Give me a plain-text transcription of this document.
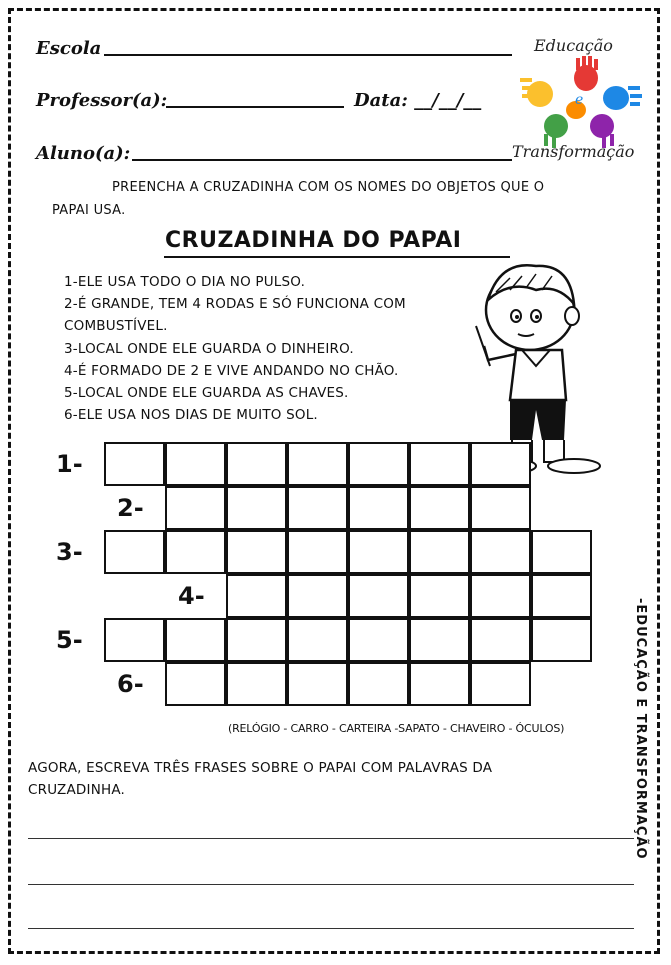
Escola
Professor(a):	Data: __/__/__
Aluno(a):
Educação
e
Transformação
PREENCHA A CRUZADINHA COM OS NOMES DO OBJETOS QUE O
PAPAI USA.
CRUZADINHA DO PAPAI
1-ELE USA TODO O DIA NO PULSO.
2-É GRANDE, TEM 4 RODAS E SÓ FUNCIONA COM
COMBUSTÍVEL.
3-LOCAL ONDE ELE GUARDA O DINHEIRO.
4-É FORMADO DE 2 E VIVE ANDANDO NO CHÃO.
5-LOCAL ONDE ELE GUARDA AS CHAVES.
6-ELE USA NOS DIAS DE MUITO SOL.
1-
2-
3-
4-
5-
6-
(RELÓGIO - CARRO - CARTEIRA -SAPATO - CHAVEIRO - ÓCULOS)
AGORA, ESCREVA TRÊS FRASES SOBRE O PAPAI COM PALAVRAS DA
CRUZADINHA.	-EDUCAÇÃO E TRANSFORMAÇÃO
